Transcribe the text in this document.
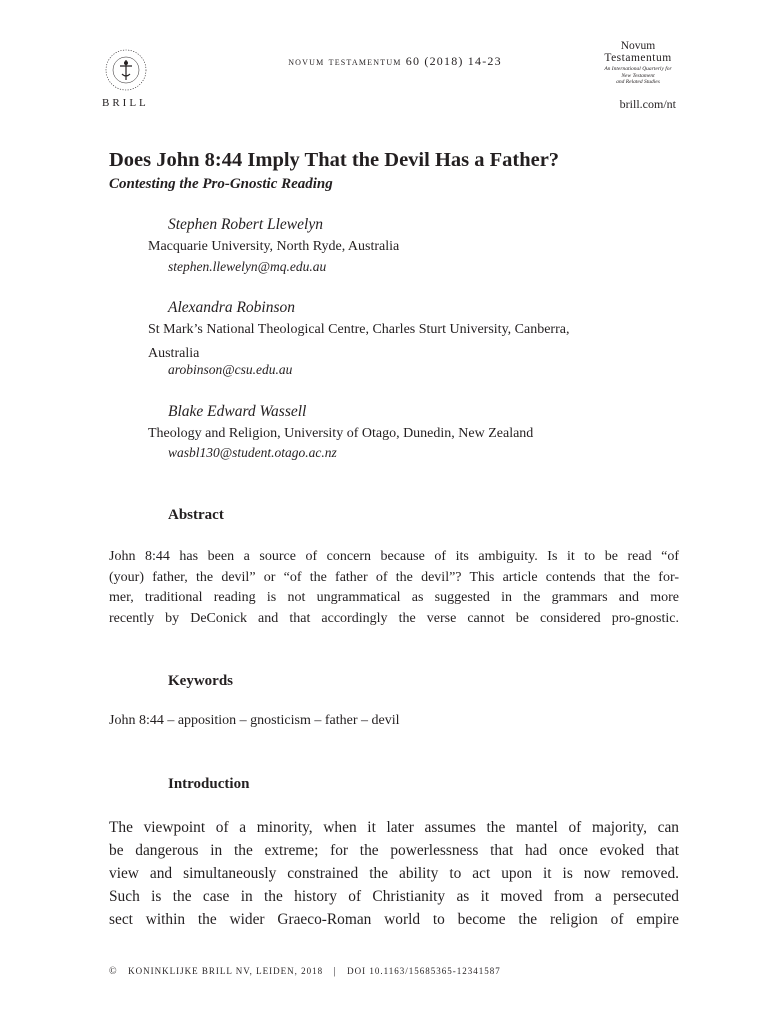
BRILL
novum testamentum 60 (2018) 14-23
Novum
Testamentum
An International Quarterly for
New Testament
and Related Studies
brill.com/nt
Does John 8:44 Imply That the Devil Has a Father?
Contesting the Pro-Gnostic Reading
Stephen Robert Llewelyn
Macquarie University, North Ryde, Australia
stephen.llewelyn@mq.edu.au
Alexandra Robinson
St Mark’s National Theological Centre, Charles Sturt University, Canberra,
Australia
arobinson@csu.edu.au
Blake Edward Wassell
Theology and Religion, University of Otago, Dunedin, New Zealand
wasbl130@student.otago.ac.nz
Abstract
John 8:44 has been a source of concern because of its ambiguity. Is it to be read “of
(your) father, the devil” or “of the father of the devil”? This article contends that the for-
mer, traditional reading is not ungrammatical as suggested in the grammars and more
recently by DeConick and that accordingly the verse cannot be considered pro-gnostic.
Keywords
John 8:44 – apposition – gnosticism – father – devil
Introduction
The viewpoint of a minority, when it later assumes the mantel of majority, can
be dangerous in the extreme; for the powerlessness that had once evoked that
view and simultaneously constrained the ability to act upon it is now removed.
Such is the case in the history of Christianity as it moved from a persecuted
sect within the wider Graeco-Roman world to become the religion of empire
© KONINKLIJKE BRILL NV, LEIDEN, 2018 | DOI 10.1163/15685365-12341587
